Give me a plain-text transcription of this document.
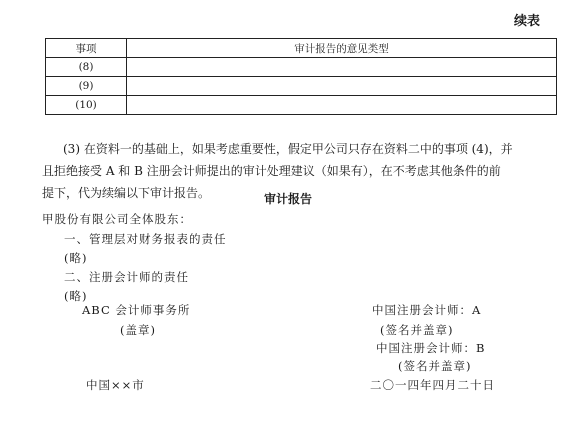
续表
事项	审计报告的意见类型
(8)	
(9)	
(10)	
(3) 在资料一的基础上，如果考虑重要性，假定甲公司只存在资料二中的事项 (4)，并
且拒绝接受 A 和 B 注册会计师提出的审计处理建议（如果有），在不考虑其他条件的前
提下，代为续编以下审计报告。	审计报告
甲股份有限公司全体股东：
一、管理层对财务报表的责任
(略)
二、注册会计师的责任
(略)
ABC 会计师事务所
(盖章)
中国注册会计师：A
(签名并盖章)
中国注册会计师：B
(签名并盖章)
中国××市	二〇一四年四月二十日
